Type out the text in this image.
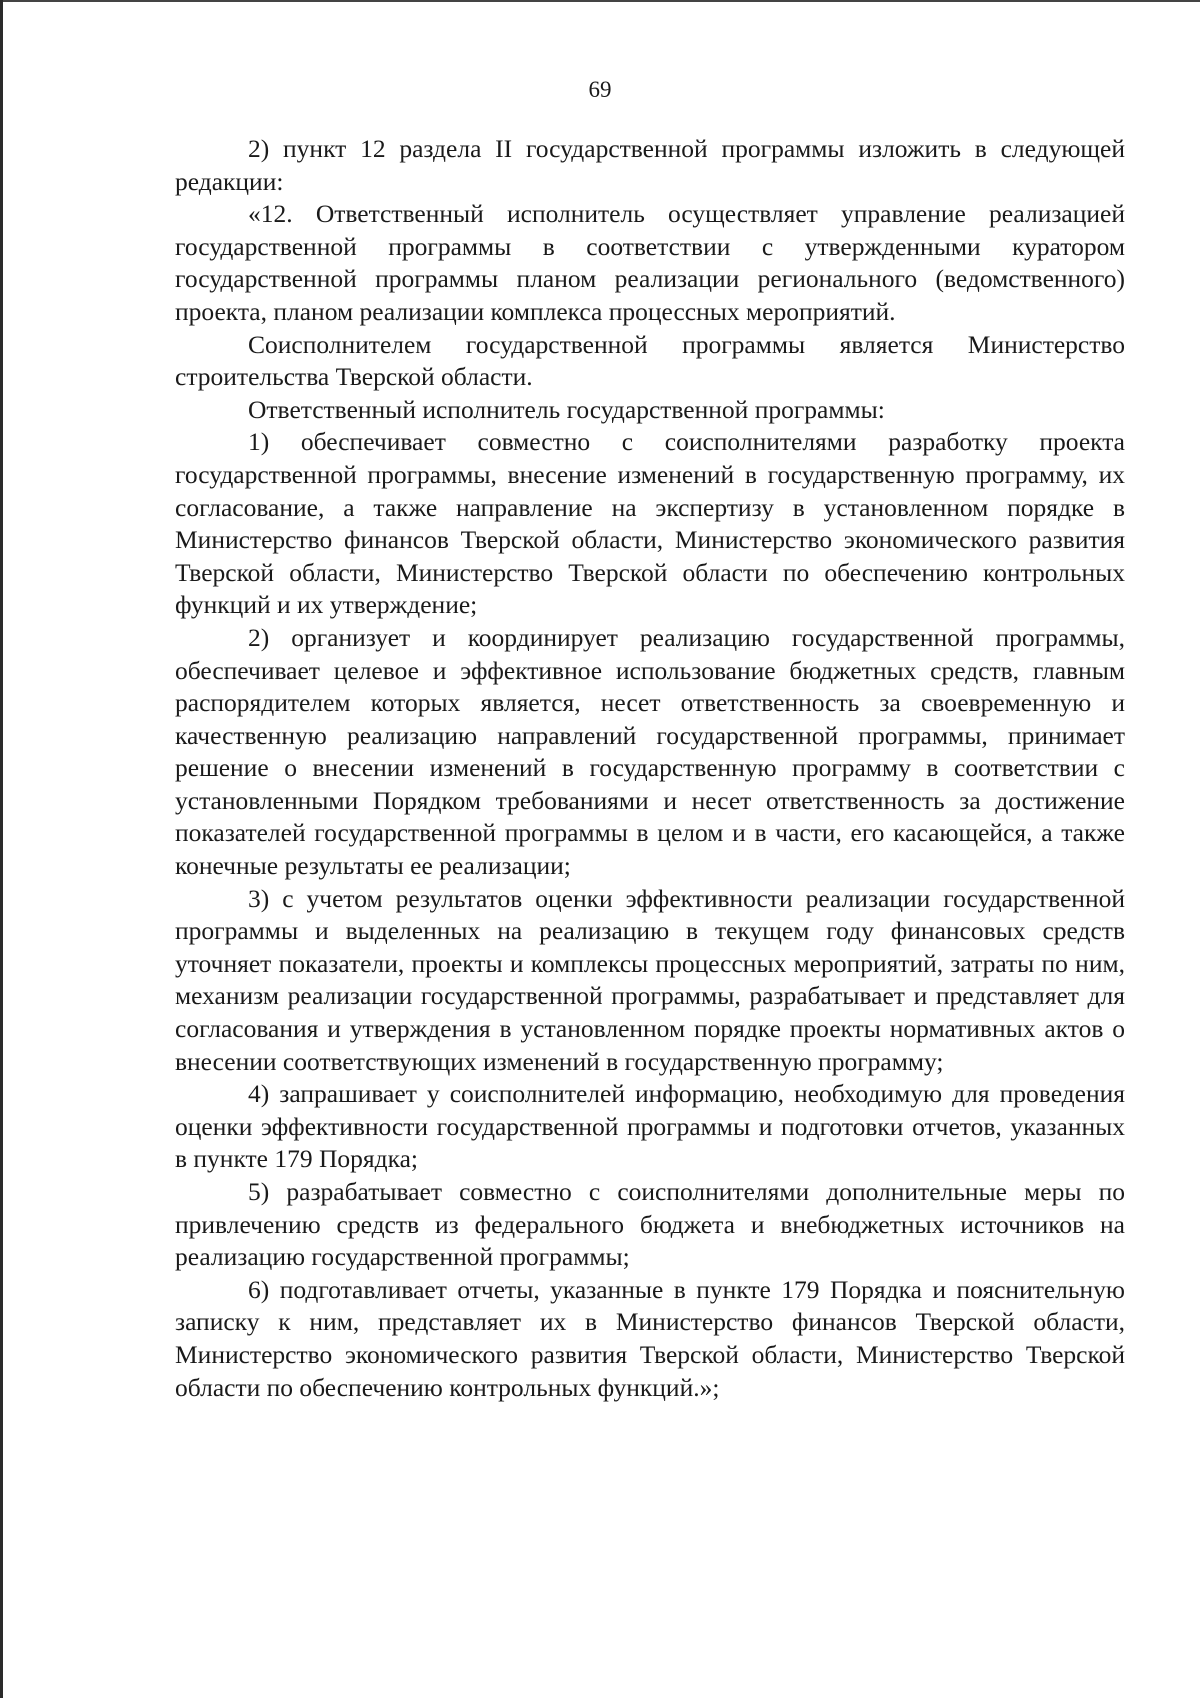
69

2) пункт 12 раздела II государственной программы изложить в следующей редакции:

«12. Ответственный исполнитель осуществляет управление реализацией государственной программы в соответствии с утвержденными куратором государственной программы планом реализации регионального (ведомственного) проекта, планом реализации комплекса процессных мероприятий.

Соисполнителем государственной программы является Министерство строительства Тверской области.

Ответственный исполнитель государственной программы:

1) обеспечивает совместно с соисполнителями разработку проекта государственной программы, внесение изменений в государственную программу, их согласование, а также направление на экспертизу в установленном порядке в Министерство финансов Тверской области, Министерство экономического развития Тверской области, Министерство Тверской области по обеспечению контрольных функций и их утверждение;

2) организует и координирует реализацию государственной программы, обеспечивает целевое и эффективное использование бюджетных средств, главным распорядителем которых является, несет ответственность за своевременную и качественную реализацию направлений государственной программы, принимает решение о внесении изменений в государственную программу в соответствии с установленными Порядком требованиями и несет ответственность за достижение показателей государственной программы в целом и в части, его касающейся, а также конечные результаты ее реализации;

3) с учетом результатов оценки эффективности реализации государственной программы и выделенных на реализацию в текущем году финансовых средств уточняет показатели, проекты и комплексы процессных мероприятий, затраты по ним, механизм реализации государственной программы, разрабатывает и представляет для согласования и утверждения в установленном порядке проекты нормативных актов о внесении соответствующих изменений в государственную программу;

4) запрашивает у соисполнителей информацию, необходимую для проведения оценки эффективности государственной программы и подготовки отчетов, указанных в пункте 179 Порядка;

5) разрабатывает совместно с соисполнителями дополнительные меры по привлечению средств из федерального бюджета и внебюджетных источников на реализацию государственной программы;

6) подготавливает отчеты, указанные в пункте 179 Порядка и пояснительную записку к ним, представляет их в Министерство финансов Тверской области, Министерство экономического развития Тверской области, Министерство Тверской области по обеспечению контрольных функций.»;
